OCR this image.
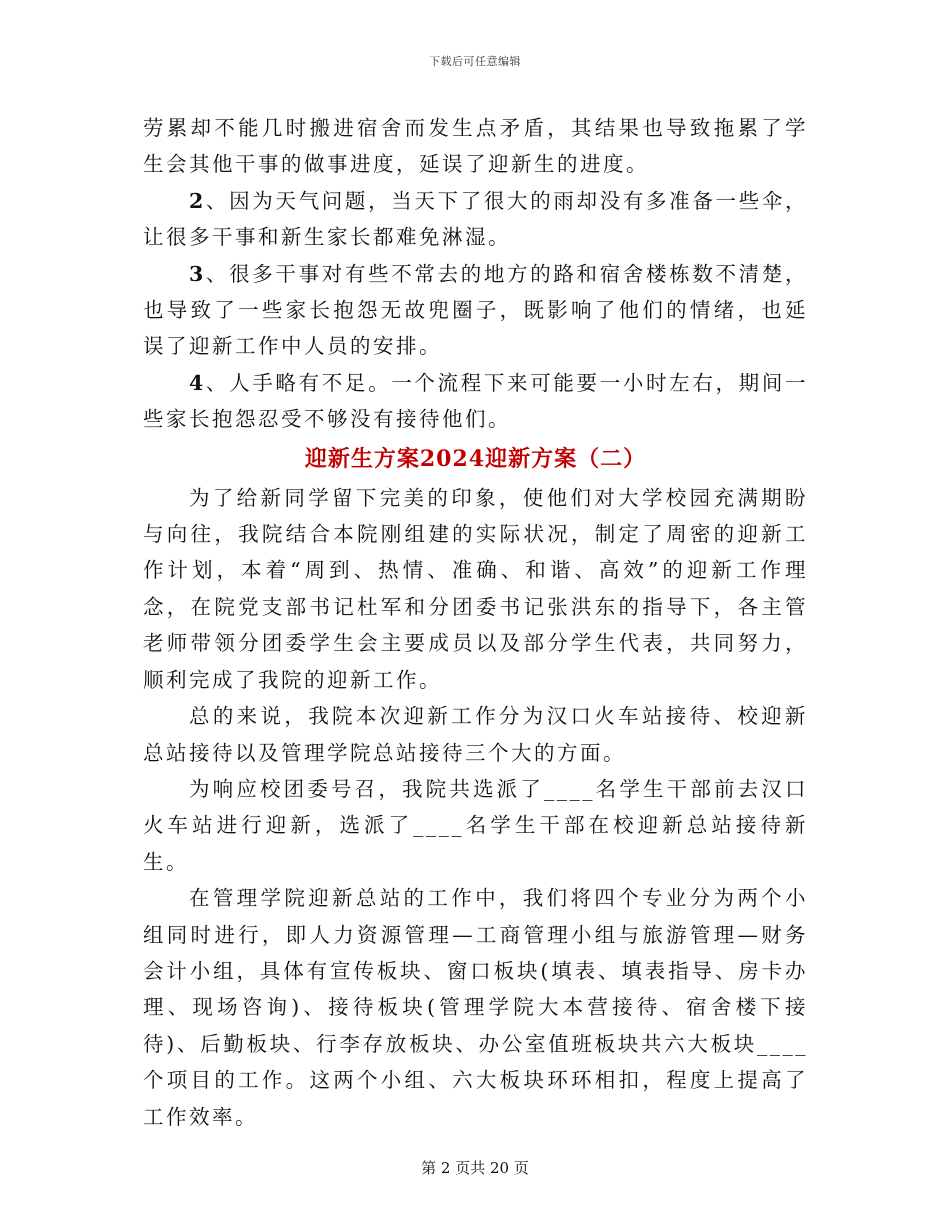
下载后可任意编辑

劳累却不能几时搬进宿舍而发生点矛盾，其结果也导致拖累了学生会其他干事的做事进度，延误了迎新生的进度。

2、因为天气问题，当天下了很大的雨却没有多准备一些伞，让很多干事和新生家长都难免淋湿。

3、很多干事对有些不常去的地方的路和宿舍楼栋数不清楚，也导致了一些家长抱怨无故兜圈子，既影响了他们的情绪，也延误了迎新工作中人员的安排。

4、人手略有不足。一个流程下来可能要一小时左右，期间一些家长抱怨忍受不够没有接待他们。

迎新生方案2024迎新方案（二）

为了给新同学留下完美的印象，使他们对大学校园充满期盼与向往，我院结合本院刚组建的实际状况，制定了周密的迎新工作计划，本着“周到、热情、准确、和谐、高效”的迎新工作理念，在院党支部书记杜军和分团委书记张洪东的指导下，各主管老师带领分团委学生会主要成员以及部分学生代表，共同努力，顺利完成了我院的迎新工作。

总的来说，我院本次迎新工作分为汉口火车站接待、校迎新总站接待以及管理学院总站接待三个大的方面。

为响应校团委号召，我院共选派了____名学生干部前去汉口火车站进行迎新，选派了____名学生干部在校迎新总站接待新生。

在管理学院迎新总站的工作中，我们将四个专业分为两个小组同时进行，即人力资源管理—工商管理小组与旅游管理—财务会计小组，具体有宣传板块、窗口板块(填表、填表指导、房卡办理、现场咨询)、接待板块(管理学院大本营接待、宿舍楼下接待)、后勤板块、行李存放板块、办公室值班板块共六大板块____个项目的工作。这两个小组、六大板块环环相扣，程度上提高了工作效率。

第 2 页共 20 页
